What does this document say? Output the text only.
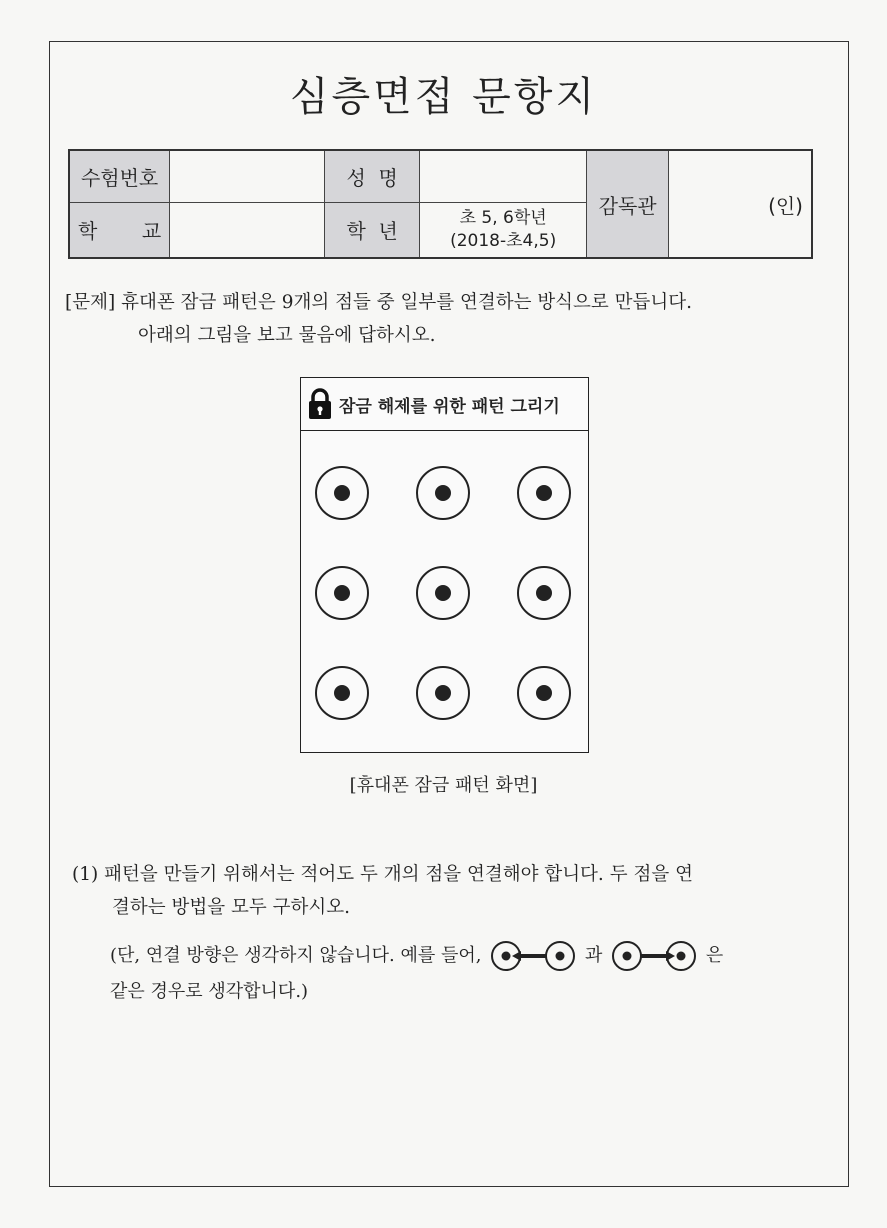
심층면접 문항지
수험번호		성  명		감독관	(인)
학       교		학  년	초 5, 6학년
(2018-초4,5)		
[문제] 휴대폰 잠금 패턴은 9개의 점들 중 일부를 연결하는 방식으로 만듭니다.
아래의 그림을 보고 물음에 답하시오.
잠금 해제를 위한 패턴 그리기
[휴대폰 잠금 패턴 화면]
(1) 패턴을 만들기 위해서는 적어도 두 개의 점을 연결해야 합니다. 두 점을 연
결하는 방법을 모두 구하시오.
(단, 연결 방향은 생각하지 않습니다. 예를 들어,	과	은
같은 경우로 생각합니다.)
